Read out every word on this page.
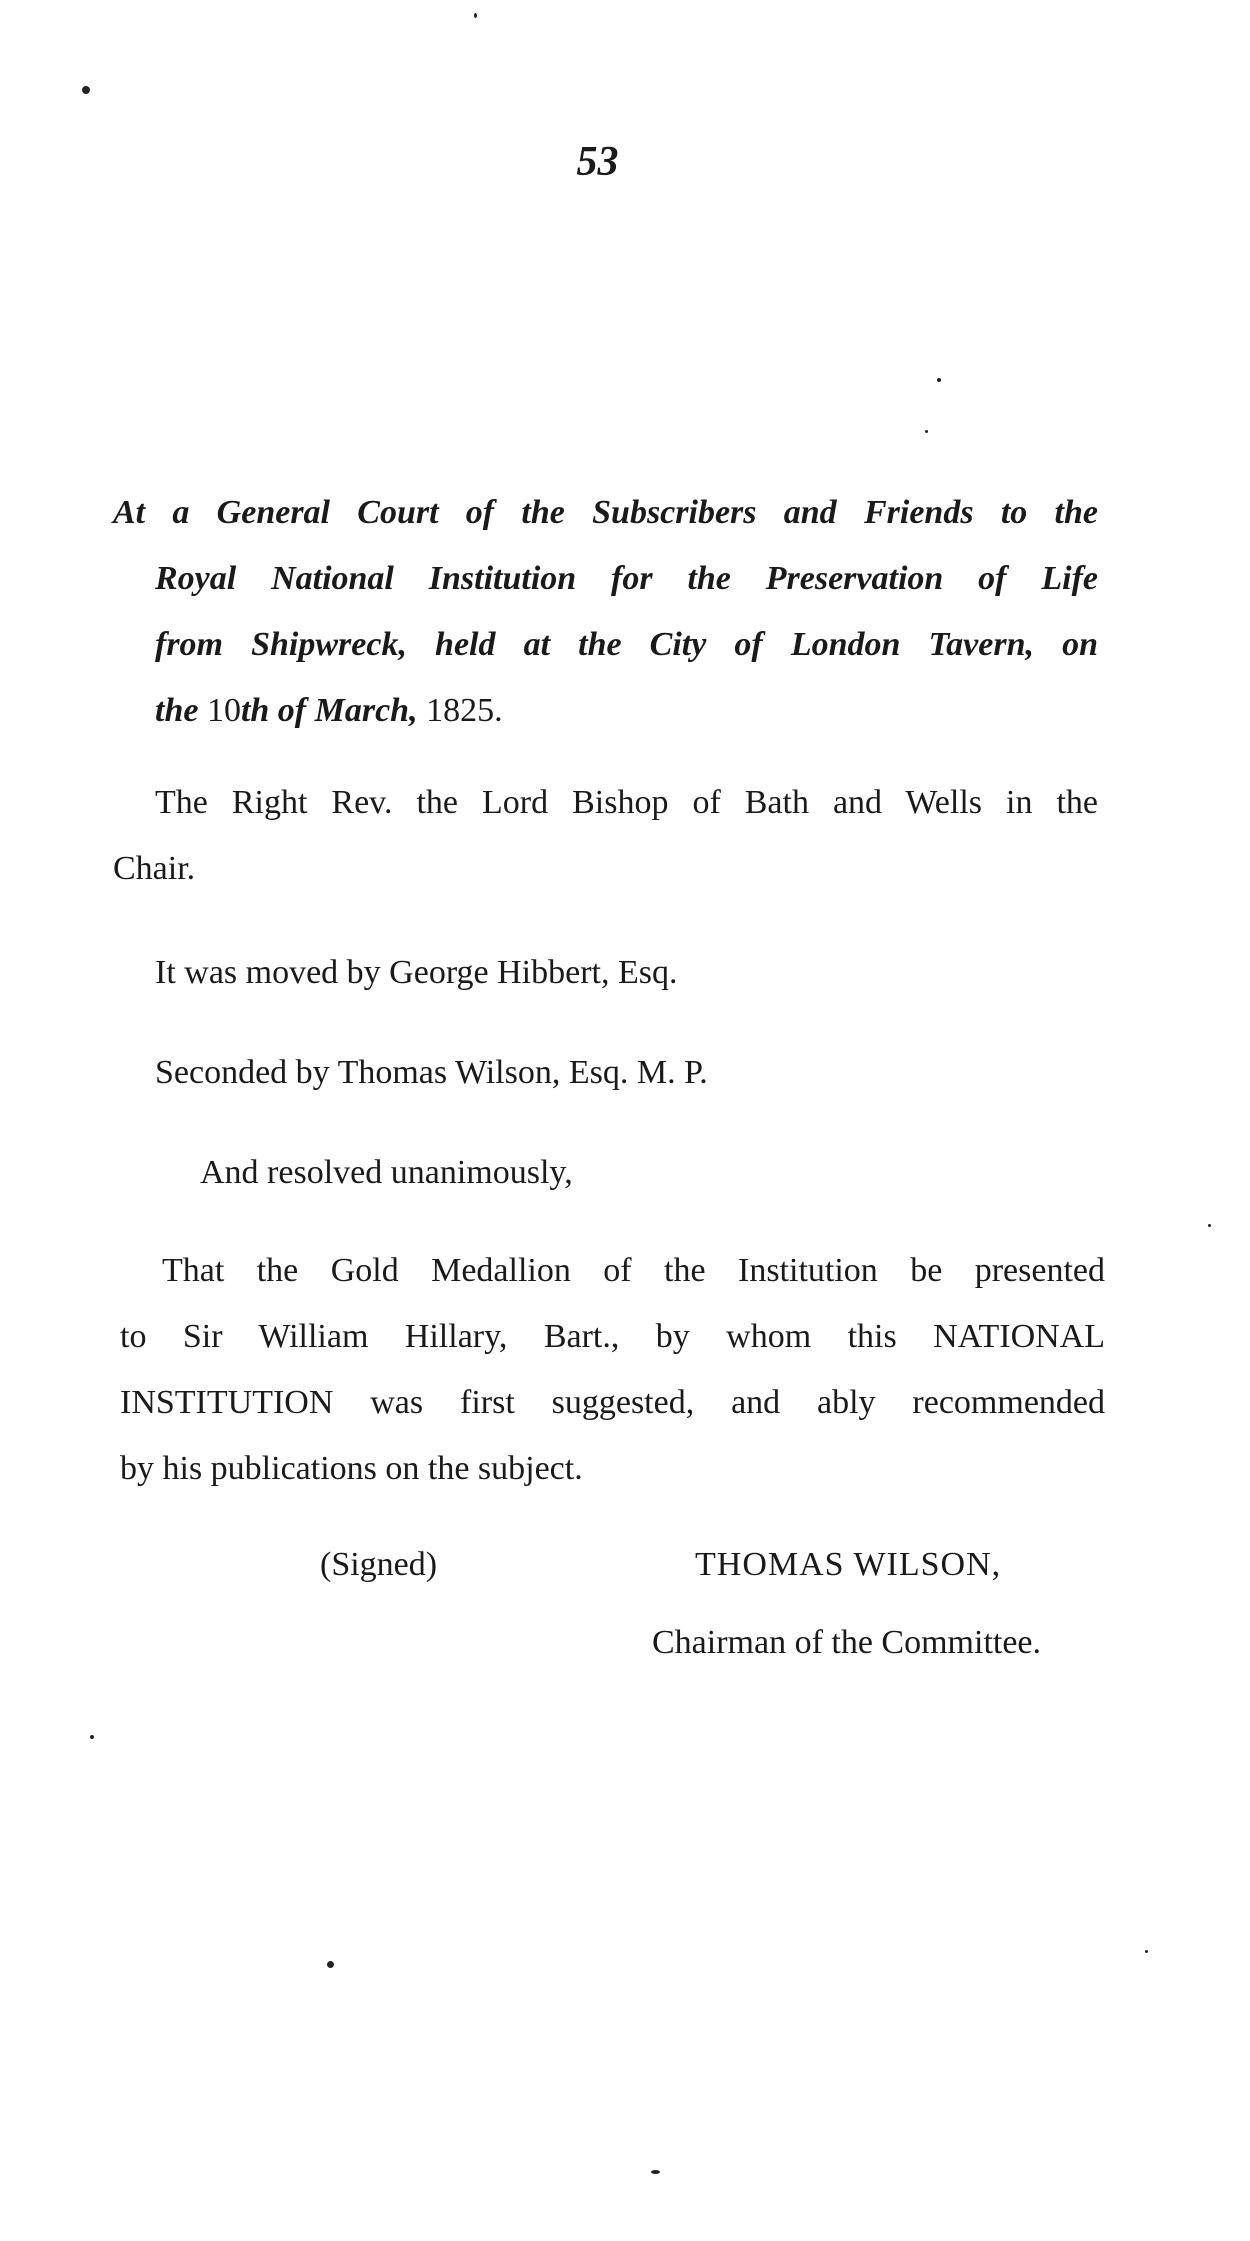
53
At a General Court of the Subscribers and Friends to the
Royal National Institution for the Preservation of Life
from Shipwreck, held at the City of London Tavern, on
the 10th of March, 1825.
The Right Rev. the Lord Bishop of Bath and Wells in the
Chair.
It was moved by George Hibbert, Esq.
Seconded by Thomas Wilson, Esq. M. P.
And resolved unanimously,
That the Gold Medallion of the Institution be presented
to Sir William Hillary, Bart., by whom this NATIONAL
INSTITUTION was first suggested, and ably recommended
by his publications on the subject.
(Signed)	THOMAS WILSON,
Chairman of the Committee.
